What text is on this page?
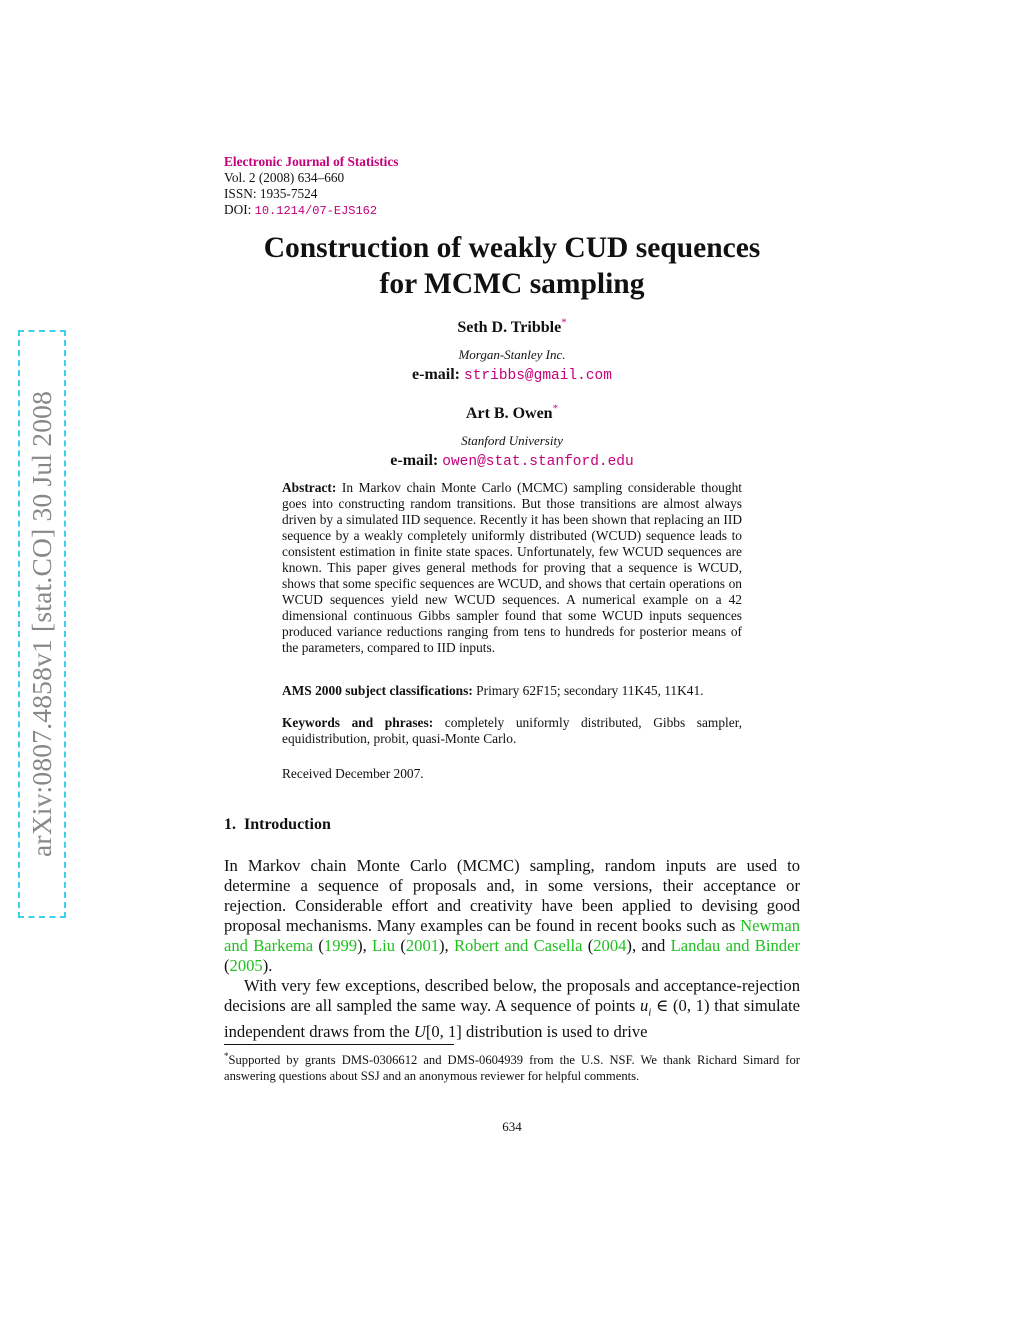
arXiv:0807.4858v1 [stat.CO] 30 Jul 2008
Electronic Journal of Statistics
Vol. 2 (2008) 634–660
ISSN: 1935-7524
DOI: 10.1214/07-EJS162
Construction of weakly CUD sequences
for MCMC sampling
Seth D. Tribble*
Morgan-Stanley Inc.
e-mail: stribbs@gmail.com
Art B. Owen*
Stanford University
e-mail: owen@stat.stanford.edu
Abstract: In Markov chain Monte Carlo (MCMC) sampling considerable thought goes into constructing random transitions. But those transitions are almost always driven by a simulated IID sequence. Recently it has been shown that replacing an IID sequence by a weakly completely uniformly distributed (WCUD) sequence leads to consistent estimation in finite state spaces. Unfortunately, few WCUD sequences are known. This paper gives general methods for proving that a sequence is WCUD, shows that some specific sequences are WCUD, and shows that certain operations on WCUD sequences yield new WCUD sequences. A numerical example on a 42 dimensional continuous Gibbs sampler found that some WCUD inputs sequences produced variance reductions ranging from tens to hundreds for posterior means of the parameters, compared to IID inputs.
AMS 2000 subject classifications: Primary 62F15; secondary 11K45, 11K41.
Keywords and phrases: completely uniformly distributed, Gibbs sampler, equidistribution, probit, quasi-Monte Carlo.
Received December 2007.
1. Introduction
In Markov chain Monte Carlo (MCMC) sampling, random inputs are used to determine a sequence of proposals and, in some versions, their acceptance or rejection. Considerable effort and creativity have been applied to devising good proposal mechanisms. Many examples can be found in recent books such as Newman and Barkema (1999), Liu (2001), Robert and Casella (2004), and Landau and Binder (2005).
With very few exceptions, described below, the proposals and acceptance-rejection decisions are all sampled the same way. A sequence of points $u_i$ ∈ (0, 1) that simulate independent draws from the U[0, 1] distribution is used to drive
*Supported by grants DMS-0306612 and DMS-0604939 from the U.S. NSF. We thank Richard Simard for answering questions about SSJ and an anonymous reviewer for helpful comments.
634
